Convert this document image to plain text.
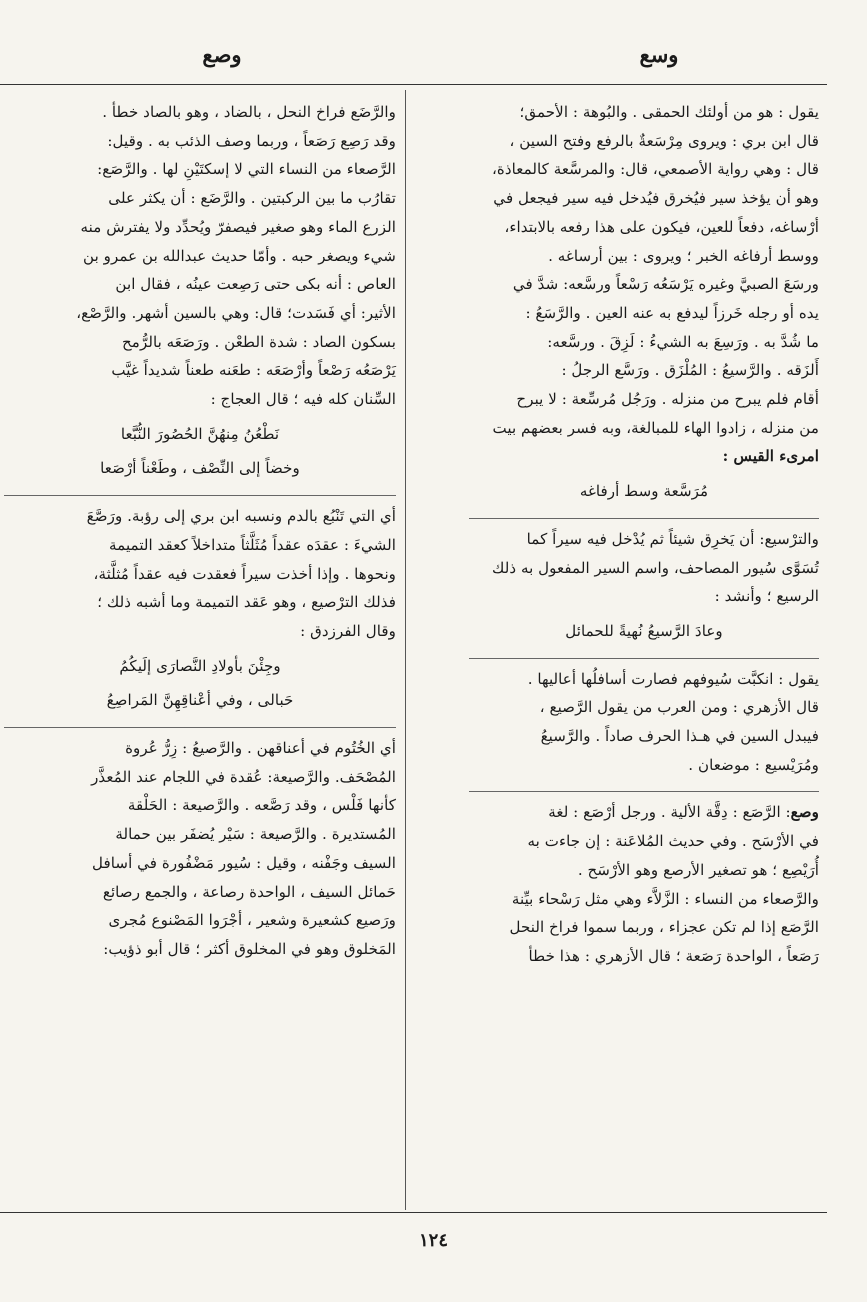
وسع
وصع

يقول : هو من أولئك الحمقى . والبُوهة : الأحمق؛

قال ابن بري : ويروى مِرْسَعةٌ بالرفع وفتح السين ،

قال : وهي رواية الأصمعي، قال: والمرسَّعة كالمعاذة،

وهو أن يؤخذ سير فيُخرق فيُدخل فيه سير فيجعل في

أرْساغه، دفعاً للعين، فيكون على هذا رفعه بالابتداء،

ووسط أرفاغه الخبر ؛ ويروى : بين أرساغه .

ورسَعَ الصبيَّ وغيره يَرْسَعُه رَسْعاً ورسَّعه: شدَّ في

يده أو رجله خَرزاً ليدفع به عنه العين . والرَّسَعُ :

ما شُدَّ به . ورَسِعَ به الشيءُ : لَزِقَ . ورسَّعه:

أَلزَقه . والرَّسيعُ : المُلْزَق . ورَسَّع الرجلُ :

أقام فلم يبرح من منزله . ورَجُل مُرسِّعة : لا يبرح

من منزله ، زادوا الهاء للمبالغة، وبه فسر بعضهم بيت

امرىء القيس :

مُرَسَّعة وسط أرفاغه

والترْسيع: أن يَخرِق شيئاً ثم يُدْخل فيه سيراً كما

تُسَوَّى سُيور المصاحف، واسم السير المفعول به ذلك

الرسيع ؛ وأنشد :

وعادَ الرَّسيعُ نُهيةً للحمائل

يقول : انكبَّت سُيوفهم فصارت أسافلُها أعاليها .

قال الأزهري : ومن العرب من يقول الرَّصيع ،

فيبدل السين في هـذا الحرف صاداً . والرَّسيعُ

ومُرَيْسيع : موضعان .

وصع: الرَّصَع : دِقَّة الألية . ورجل أرْصَع : لغة

في الأرْسَح . وفي حديث المُلاعَنة : إن جاءت به

أُرَيْصِع ؛ هو تصغير الأرصع وهو الأرْسَح .

والرَّصعاء من النساء : الزَّلاَّء وهي مثل رَسْحاء بيِّنة

الرَّصَع إذا لم تكن عجزاء ، وربما سموا فراخ النحل

رَصَعاً ، الواحدة رَصَعة ؛ قال الأزهري : هذا خطأ

والرَّضَع فراخ النحل ، بالضاد ، وهو بالصاد خطأ .

وقد رَصِع رَصَعاً ، وربما وصف الذئب به . وقيل:

الرَّصعاء من النساء التي لا إسكتَيْنِ لها . والرَّصَع:

تقارُب ما بين الركبتين . والرَّضَع : أن يكثر على

الزرع الماء وهو صغير فيصفرّ ويُحدِّد ولا يفترش منه

شيء ويصغر حبه . وأمّا حديث عبدالله بن عمرو بن

العاص : أنه بكى حتى رَصِعت عينُه ، فقال ابن

الأثير: أي فَسَدت؛ قال: وهي بالسين أشهر. والرَّصْع،

بسكون الصاد : شدة الطعْن . ورَصَعَه بالرُّمح

يَرْصَعُه رَصْعاً وأرْصَعَه : طعَنه طعناً شديداً غيَّب

السِّنان كله فيه ؛ قال العجاج :

نَطْعُنُ مِنهُنَّ الحُصُورَ النُّبَّعا

وخضاً إلى النِّصْف ، وطَعْناً أرْصَعا

أي التي تَنْبُع بالدم ونسبه ابن بري إلى رؤبة. ورَصَّعَ

الشيءَ : عقدَه عقداً مُثَلَّثاً متداخلاً كعقد التميمة

ونحوها . وإذا أخذت سيراً فعقدت فيه عقداً مُثلَّثة،

فذلك الترْصيع ، وهو عَقد التميمة وما أشبه ذلك ؛

وقال الفرزدق :

وجِئْنَ بأولادِ النَّصارَى إلَيكُمُ

حَبالى ، وفي أعْناقِهِنَّ المَراصِعُ

أي الخُتُوم في أعناقهن . والرَّصيعُ : زِرُّ عُروة

المُصْحَف. والرَّصيعة: عُقدة في اللجام عند المُعذَّر

كأنها فَلْس ، وقد رَصَّعه . والرَّصيعة : الحَلْقة

المُستديرة . والرَّصيعة : سَيْر يُضفَر بين حمالة

السيف وجَفْنه ، وقيل : سُيور مَضْفُورة في أسافل

حَمائل السيف ، الواحدة رصاعة ، والجمع رصائع

ورَصيع كشعيرة وشعير ، أجْرَوا المَصْنوع مُجرى

المَخلوق وهو في المخلوق أكثر ؛ قال أبو ذؤيب:

١٢٤
